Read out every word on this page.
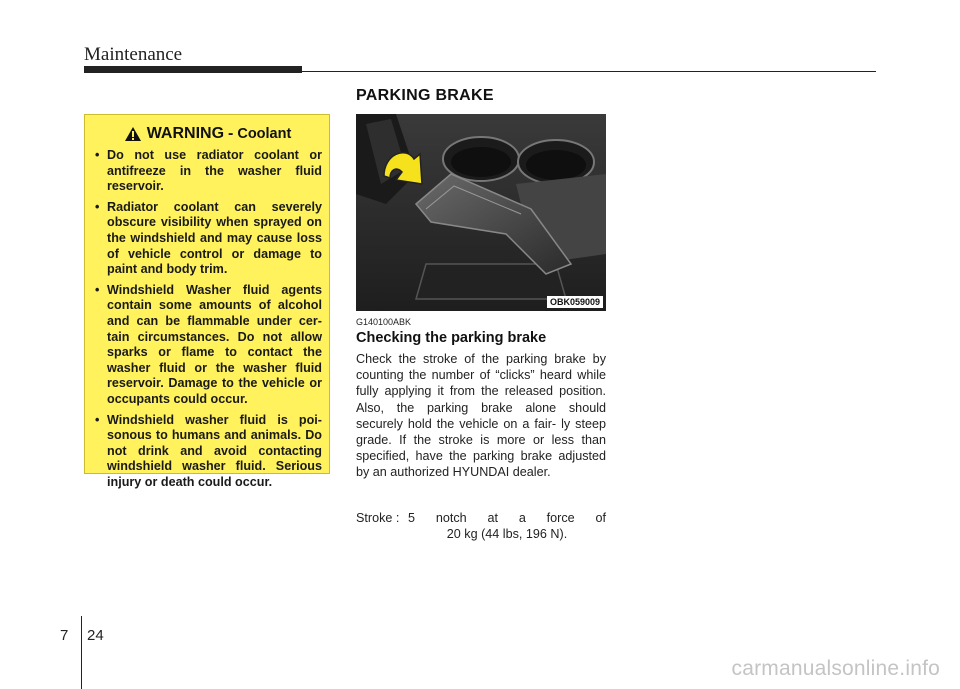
Maintenance
PARKING BRAKE
WARNING - Coolant
• Do not use radiator coolant or antifreeze in the washer fluid reservoir.
• Radiator coolant can severely obscure visibility when sprayed on the windshield and may cause loss of vehicle control or damage to paint and body trim.
• Windshield Washer fluid agents contain some amounts of alcohol and can be flammable under cer- tain circumstances. Do not allow sparks or flame to contact the washer fluid or the washer fluid reservoir. Damage to the vehicle or occupants could occur.
• Windshield washer fluid is poi- sonous to humans and animals. Do not drink and avoid contacting windshield washer fluid. Serious injury or death could occur.
OBK059009
G140100ABK
Checking the parking brake
Check the stroke of the parking brake by counting the number of “clicks” heard while fully applying it from the released position. Also, the parking brake alone should securely hold the vehicle on a fair- ly steep grade. If the stroke is more or less than specified, have the parking brake adjusted by an authorized HYUNDAI dealer.
Stroke : 5 notch at a force of
20 kg (44 lbs, 196 N).
7 24
carmanualsonline.info
